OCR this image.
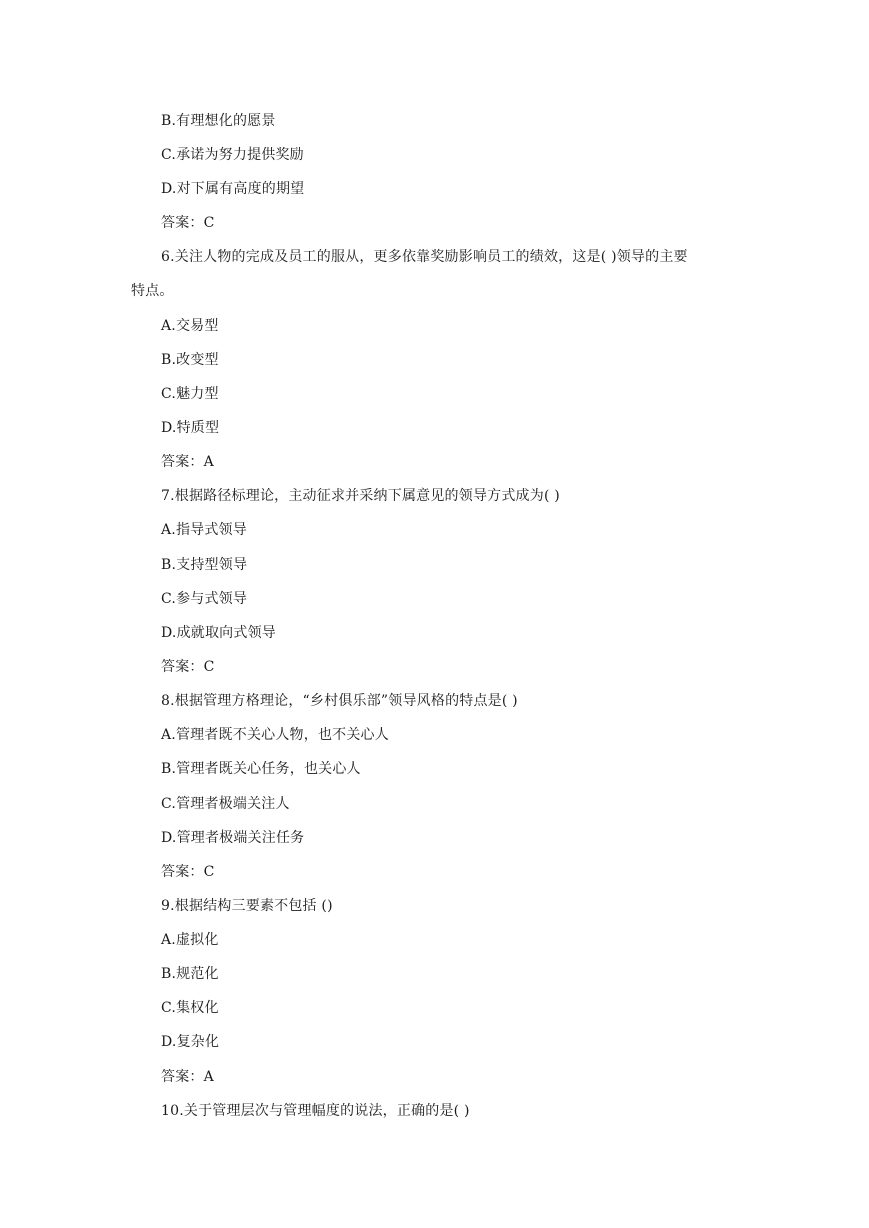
B.有理想化的愿景
C.承诺为努力提供奖励
D.对下属有高度的期望
答案：C
6.关注人物的完成及员工的服从，更多依靠奖励影响员工的绩效，这是( )领导的主要
特点。
A.交易型
B.改变型
C.魅力型
D.特质型
答案：A
7.根据路径标理论，主动征求并采纳下属意见的领导方式成为( )
A.指导式领导
B.支持型领导
C.参与式领导
D.成就取向式领导
答案：C
8.根据管理方格理论，“乡村俱乐部”领导风格的特点是( )
A.管理者既不关心人物，也不关心人
B.管理者既关心任务，也关心人
C.管理者极端关注人
D.管理者极端关注任务
答案：C
9.根据结构三要素不包括 ()
A.虚拟化
B.规范化
C.集权化
D.复杂化
答案：A
10.关于管理层次与管理幅度的说法，正确的是( )
